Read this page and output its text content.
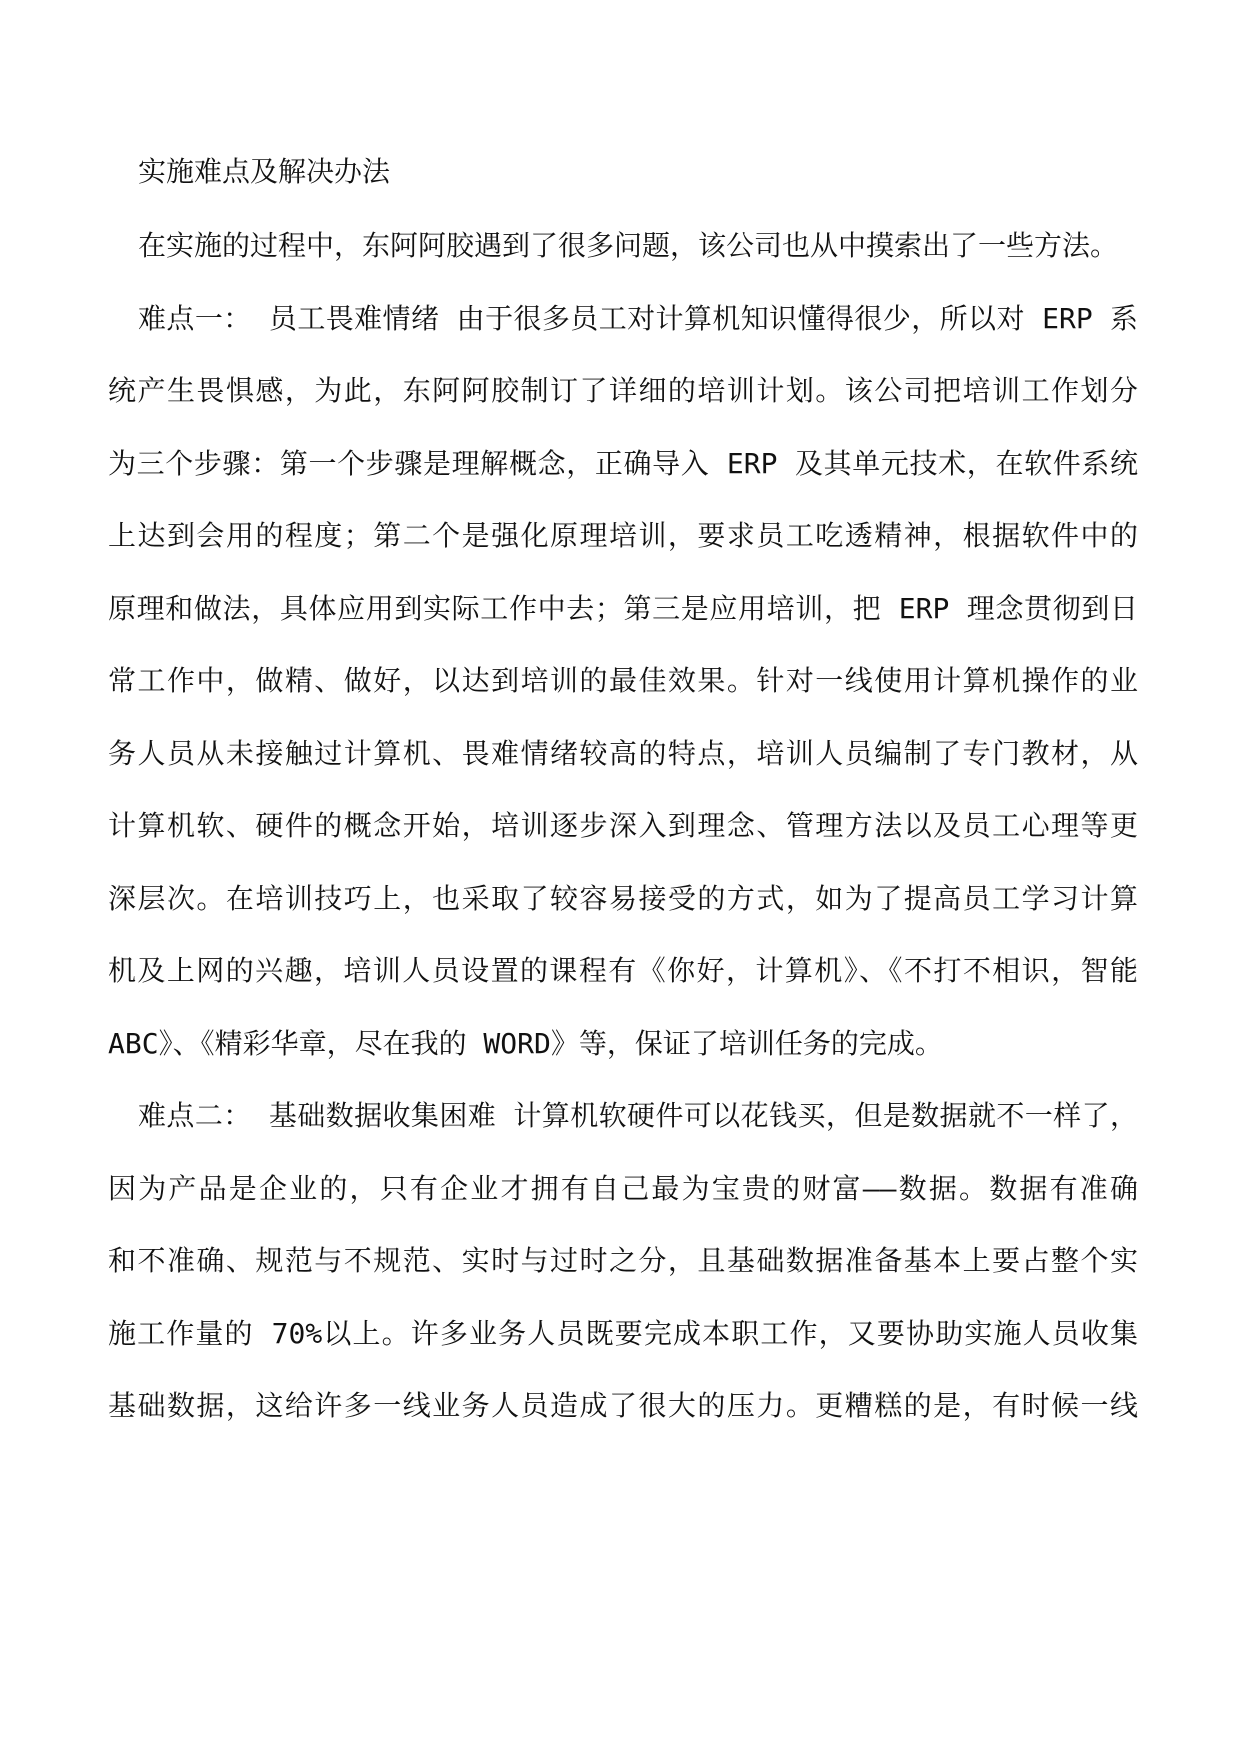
实施难点及解决办法

在实施的过程中，东阿阿胶遇到了很多问题，该公司也从中摸索出了一些方法。

难点一： 员工畏难情绪 由于很多员工对计算机知识懂得很少，所以对 ERP 系

统产生畏惧感，为此，东阿阿胶制订了详细的培训计划。该公司把培训工作划分

为三个步骤：第一个步骤是理解概念，正确导入 ERP 及其单元技术，在软件系统

上达到会用的程度；第二个是强化原理培训，要求员工吃透精神，根据软件中的

原理和做法，具体应用到实际工作中去；第三是应用培训，把 ERP 理念贯彻到日

常工作中，做精、做好，以达到培训的最佳效果。针对一线使用计算机操作的业

务人员从未接触过计算机、畏难情绪较高的特点，培训人员编制了专门教材，从

计算机软、硬件的概念开始，培训逐步深入到理念、管理方法以及员工心理等更

深层次。在培训技巧上，也采取了较容易接受的方式，如为了提高员工学习计算

机及上网的兴趣，培训人员设置的课程有《你好，计算机》、《不打不相识，智能

ABC》、《精彩华章，尽在我的 WORD》等，保证了培训任务的完成。

难点二： 基础数据收集困难 计算机软硬件可以花钱买，但是数据就不一样了，

因为产品是企业的，只有企业才拥有自己最为宝贵的财富——数据。数据有准确

和不准确、规范与不规范、实时与过时之分，且基础数据准备基本上要占整个实

施工作量的 70%以上。许多业务人员既要完成本职工作，又要协助实施人员收集

基础数据，这给许多一线业务人员造成了很大的压力。更糟糕的是，有时候一线
